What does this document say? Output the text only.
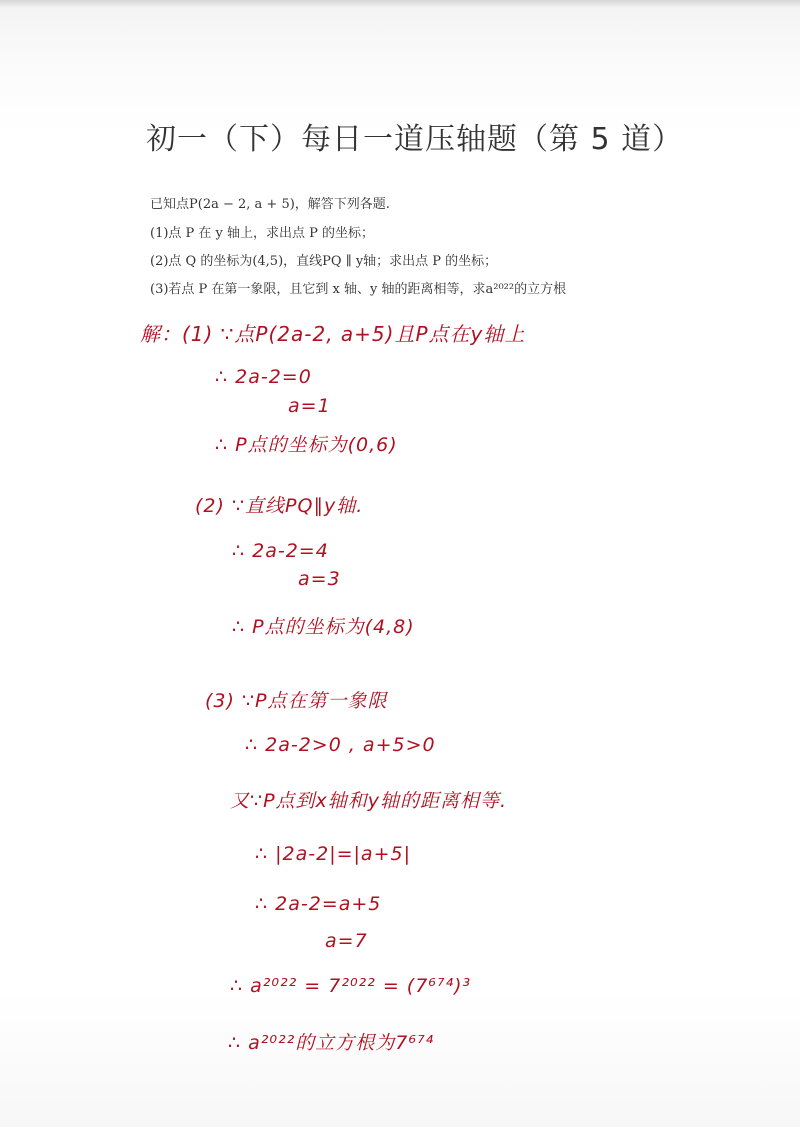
初一（下）每日一道压轴题（第 5 道）
已知点P(2a − 2, a + 5)，解答下列各题.
(1)点 P 在 y 轴上，求出点 P 的坐标；
(2)点 Q 的坐标为(4,5)，直线PQ ∥ y轴；求出点 P 的坐标；
(3)若点 P 在第一象限，且它到 x 轴、y 轴的距离相等，求a²⁰²²的立方根
解：(1) ∵点P(2a-2, a+5)且P点在y轴上
∴ 2a-2=0
a=1
∴ P点的坐标为(0,6)
(2) ∵直线PQ∥y轴.
∴ 2a-2=4
a=3
∴ P点的坐标为(4,8)
(3) ∵P点在第一象限
∴ 2a-2>0 , a+5>0
又∵P点到x轴和y轴的距离相等.
∴ |2a-2|=|a+5|
∴ 2a-2=a+5
a=7
∴ a²⁰²² = 7²⁰²² = (7⁶⁷⁴)³
∴ a²⁰²²的立方根为7⁶⁷⁴
